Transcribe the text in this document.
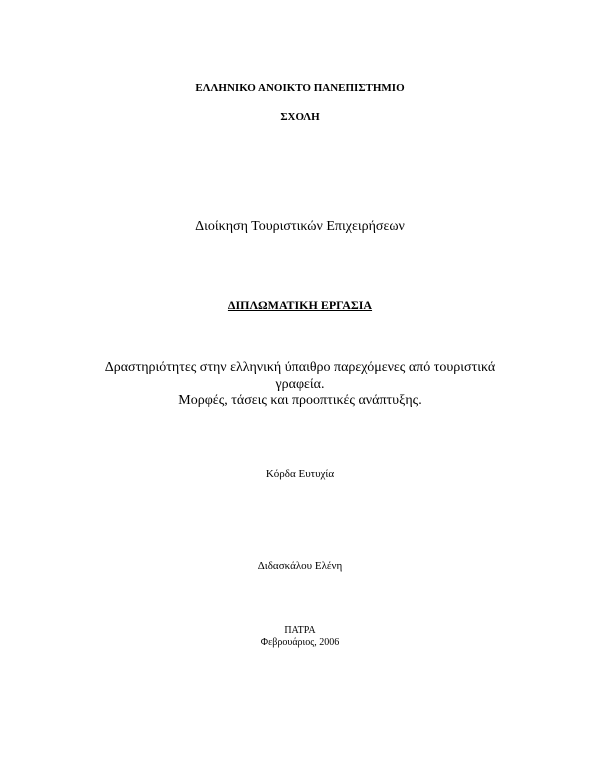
ΕΛΛΗΝΙΚΟ ΑΝΟΙΚΤΟ ΠΑΝΕΠΙΣΤΗΜΙΟ
ΣΧΟΛΗ
Διοίκηση Τουριστικών Επιχειρήσεων
ΔΙΠΛΩΜΑΤΙΚΗ ΕΡΓΑΣΙΑ
Δραστηριότητες στην ελληνική ύπαιθρο παρεχόμενες από τουριστικά
γραφεία.
Μορφές, τάσεις και προοπτικές ανάπτυξης.
Κόρδα Ευτυχία
Διδασκάλου Ελένη
ΠΑΤΡΑ
Φεβρουάριος, 2006
